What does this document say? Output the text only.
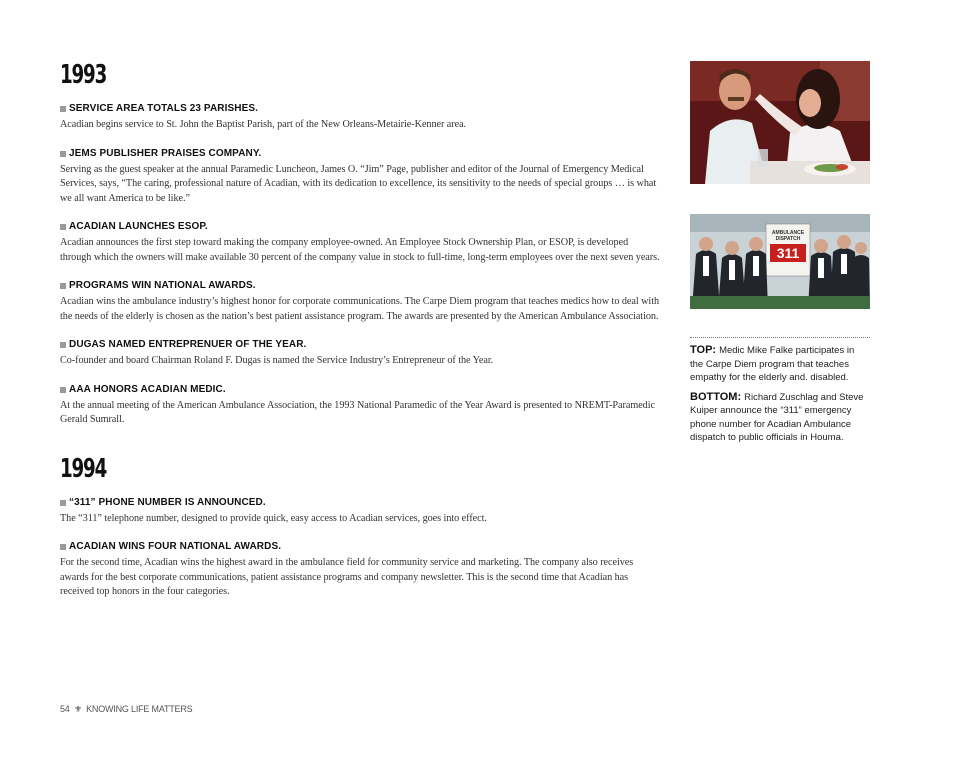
1993
SERVICE AREA TOTALS 23 PARISHES.
Acadian begins service to St. John the Baptist Parish, part of the New Orleans-Metairie-Kenner area.
JEMS PUBLISHER PRAISES COMPANY.
Serving as the guest speaker at the annual Paramedic Luncheon, James O. “Jim” Page, publisher and editor of the Journal of Emergency Medical Services, says, “The caring, professional nature of Acadian, with its dedication to excellence, its sensitivity to the needs of special groups … is what we all want America to be like.”
ACADIAN LAUNCHES ESOP.
Acadian announces the first step toward making the company employee-owned. An Employee Stock Ownership Plan, or ESOP, is developed through which the owners will make available 30 percent of the company value in stock to full-time, long-term employees over the next seven years.
PROGRAMS WIN NATIONAL AWARDS.
Acadian wins the ambulance industry’s highest honor for corporate communications. The Carpe Diem program that teaches medics how to deal with the needs of the elderly is chosen as the nation’s best patient assistance program. The awards are presented by the American Ambulance Association.
DUGAS NAMED ENTREPRENUER OF THE YEAR.
Co-founder and board Chairman Roland F. Dugas is named the Service Industry’s Entrepreneur of the Year.
AAA HONORS ACADIAN MEDIC.
At the annual meeting of the American Ambulance Association, the 1993 National Paramedic of the Year Award is presented to NREMT-Paramedic Gerald Sumrall.
1994
“311” PHONE NUMBER IS ANNOUNCED.
The “311” telephone number, designed to provide quick, easy access to Acadian services, goes into effect.
ACADIAN WINS FOUR NATIONAL AWARDS.
For the second time, Acadian wins the highest award in the ambulance field for community service and marketing. The company also receives awards for the best corporate communications, patient assistance programs and company newsletter. This is the second time that Acadian has received top honors in the four categories.
AMBULANCE
DISPATCH
311
TOP: Medic Mike Falke participates in the Carpe Diem program that teaches empathy for the elderly and. disabled.
BOTTOM: Richard Zuschlag and Steve Kuiper announce the “311” emergency phone number for Acadian Ambulance dispatch to public officials in Houma.
54 ⚜ KNOWING LIFE MATTERS
